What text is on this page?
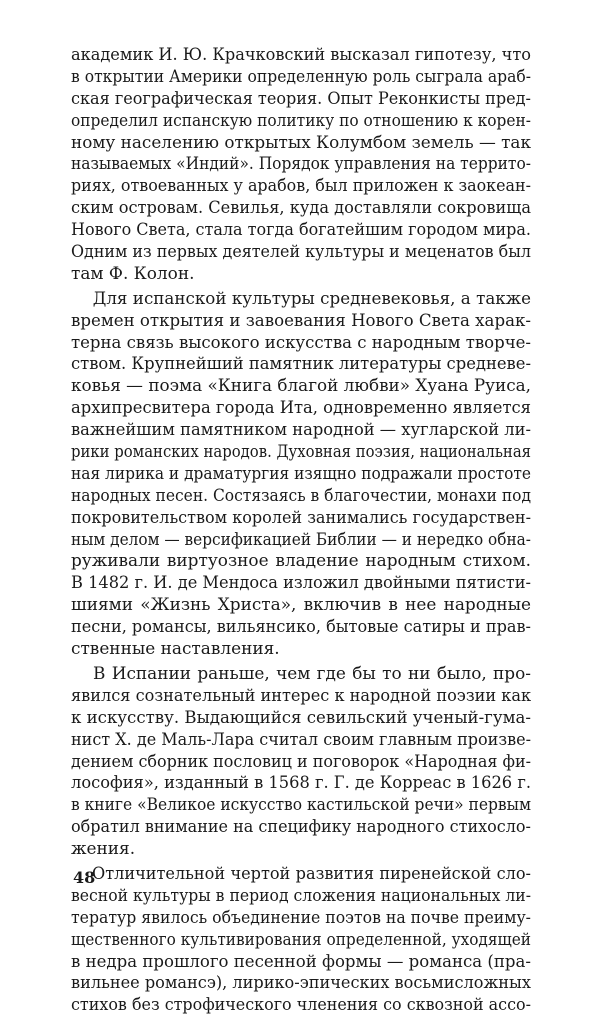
академик И. Ю. Крачковский высказал гипотезу, что
в открытии Америки определенную роль сыграла араб-
ская географическая теория. Опыт Реконкисты пред-
определил испанскую политику по отношению к корен-
ному населению открытых Колумбом земель — так
называемых «Индий». Порядок управления на террито-
риях, отвоеванных у арабов, был приложен к заокеан-
ским островам. Севилья, куда доставляли сокровища
Нового Света, стала тогда богатейшим городом мира.
Одним из первых деятелей культуры и меценатов был
там Ф. Колон.
Для испанской культуры средневековья, а также
времен открытия и завоевания Нового Света харак-
терна связь высокого искусства с народным творче-
ством. Крупнейший памятник литературы средневе-
ковья — поэма «Книга благой любви» Хуана Руиса,
архипресвитера города Ита, одновременно является
важнейшим памятником народной — хугларской ли-
рики романских народов. Духовная поэзия, национальная
ная лирика и драматургия изящно подражали простоте
народных песен. Состязаясь в благочестии, монахи под
покровительством королей занимались государствен-
ным делом — версификацией Библии — и нередко обна-
руживали виртуозное владение народным стихом.
В 1482 г. И. де Мендоса изложил двойными пятисти-
шиями «Жизнь Христа», включив в нее народные
песни, романсы, вильянсико, бытовые сатиры и прав-
ственные наставления.
В Испании раньше, чем где бы то ни было, про-
явился сознательный интерес к народной поэзии как
к искусству. Выдающийся севильский ученый-гума-
нист Х. де Маль-Лара считал своим главным произве-
дением сборник пословиц и поговорок «Народная фи-
лософия», изданный в 1568 г. Г. де Корреас в 1626 г.
в книге «Великое искусство кастильской речи» первым
обратил внимание на специфику народного стихосло-
жения.
Отличительной чертой развития пиренейской сло-
весной культуры в период сложения национальных ли-
тератур явилось объединение поэтов на почве преиму-
щественного культивирования определенной, уходящей
в недра прошлого песенной формы — романса (пра-
вильнее романсэ), лирико-эпических восьмисложных
стихов без строфического членения со сквозной ассо-
48
